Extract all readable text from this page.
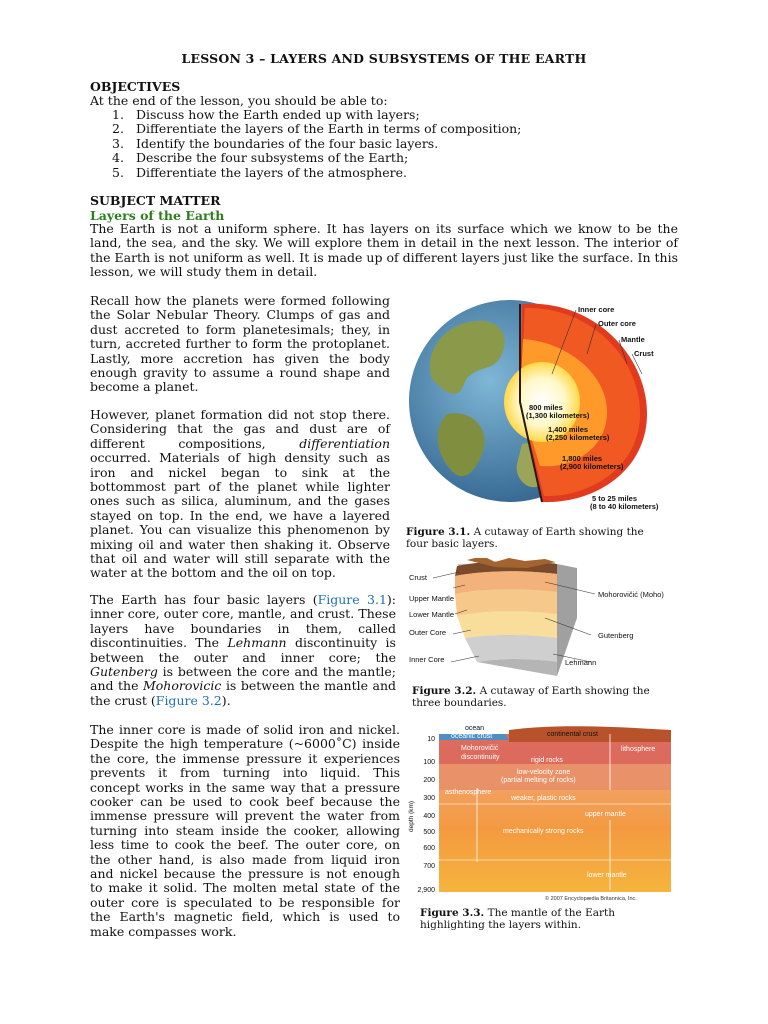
LESSON 3 – LAYERS AND SUBSYSTEMS OF THE EARTH
OBJECTIVES
At the end of the lesson, you should be able to:
1. Discuss how the Earth ended up with layers;
2. Differentiate the layers of the Earth in terms of composition;
3. Identify the boundaries of the four basic layers.
4. Describe the four subsystems of the Earth;
5. Differentiate the layers of the atmosphere.
SUBJECT MATTER
Layers of the Earth
The Earth is not a uniform sphere. It has layers on its surface which we know to be the land, the sea, and the sky. We will explore them in detail in the next lesson. The interior of the Earth is not uniform as well. It is made up of different layers just like the surface. In this lesson, we will study them in detail.
Recall how the planets were formed following the Solar Nebular Theory. Clumps of gas and dust accreted to form planetesimals; they, in turn, accreted further to form the protoplanet. Lastly, more accretion has given the body enough gravity to assume a round shape and become a planet.
However, planet formation did not stop there. Considering that the gas and dust are of different compositions,	differentiation occurred. Materials of high density such as iron and nickel began to sink at the bottommost part of the planet while lighter ones such as silica, aluminum, and the gases stayed on top. In the end, we have a layered planet. You can visualize this phenomenon by mixing oil and water then shaking it. Observe that oil and water will still separate with the water at the bottom and the oil on top.
The Earth has four basic layers (Figure 3.1): inner core, outer core, mantle, and crust. These layers have boundaries in them, called discontinuities. The Lehmann discontinuity is between the outer and inner core; the Gutenberg is between the core and the mantle; and the Mohorovicic is between the mantle and the crust (Figure 3.2).
The inner core is made of solid iron and nickel. Despite the high temperature (~6000˚C) inside the core, the immense pressure it experiences prevents it from turning into liquid. This concept works in the same way that a pressure cooker can be used to cook beef because the immense pressure will prevent the water from turning into steam inside the cooker, allowing less time to cook the beef. The outer core, on the other hand, is also made from liquid iron and nickel because the pressure is not enough to make it solid. The molten metal state of the outer core is speculated to be responsible for the Earth's magnetic field, which is used to make compasses work.
Inner core
Outer core
Mantle
Crust
800 miles
(1,300 kilometers)
1,400 miles
(2,250 kilometers)
1,800 miles
(2,900 kilometers)
5 to 25 miles
(8 to 40 kilometers)
Figure 3.1. A cutaway of Earth showing the four basic layers.
Crust
Upper Mantle
Lower Mantle
Outer Core
Inner Core
Mohorovičić (Moho)
Gutenberg
Lehmann
Figure 3.2. A cutaway of Earth showing the three boundaries.
ocean
oceanic crust	continental crust
Mohorovičić
discontinuity
lithosphere
rigid rocks
low-velocity zone
(partial melting of rocks)
asthenosphere
weaker, plastic rocks
upper mantle
mechanically strong rocks
lower mantle
10
100
200
300
400
500
600
700
2,900
depth (km)
© 2007 Encyclopædia Britannica, Inc.
Figure 3.3. The mantle of the Earth highlighting the layers within.
